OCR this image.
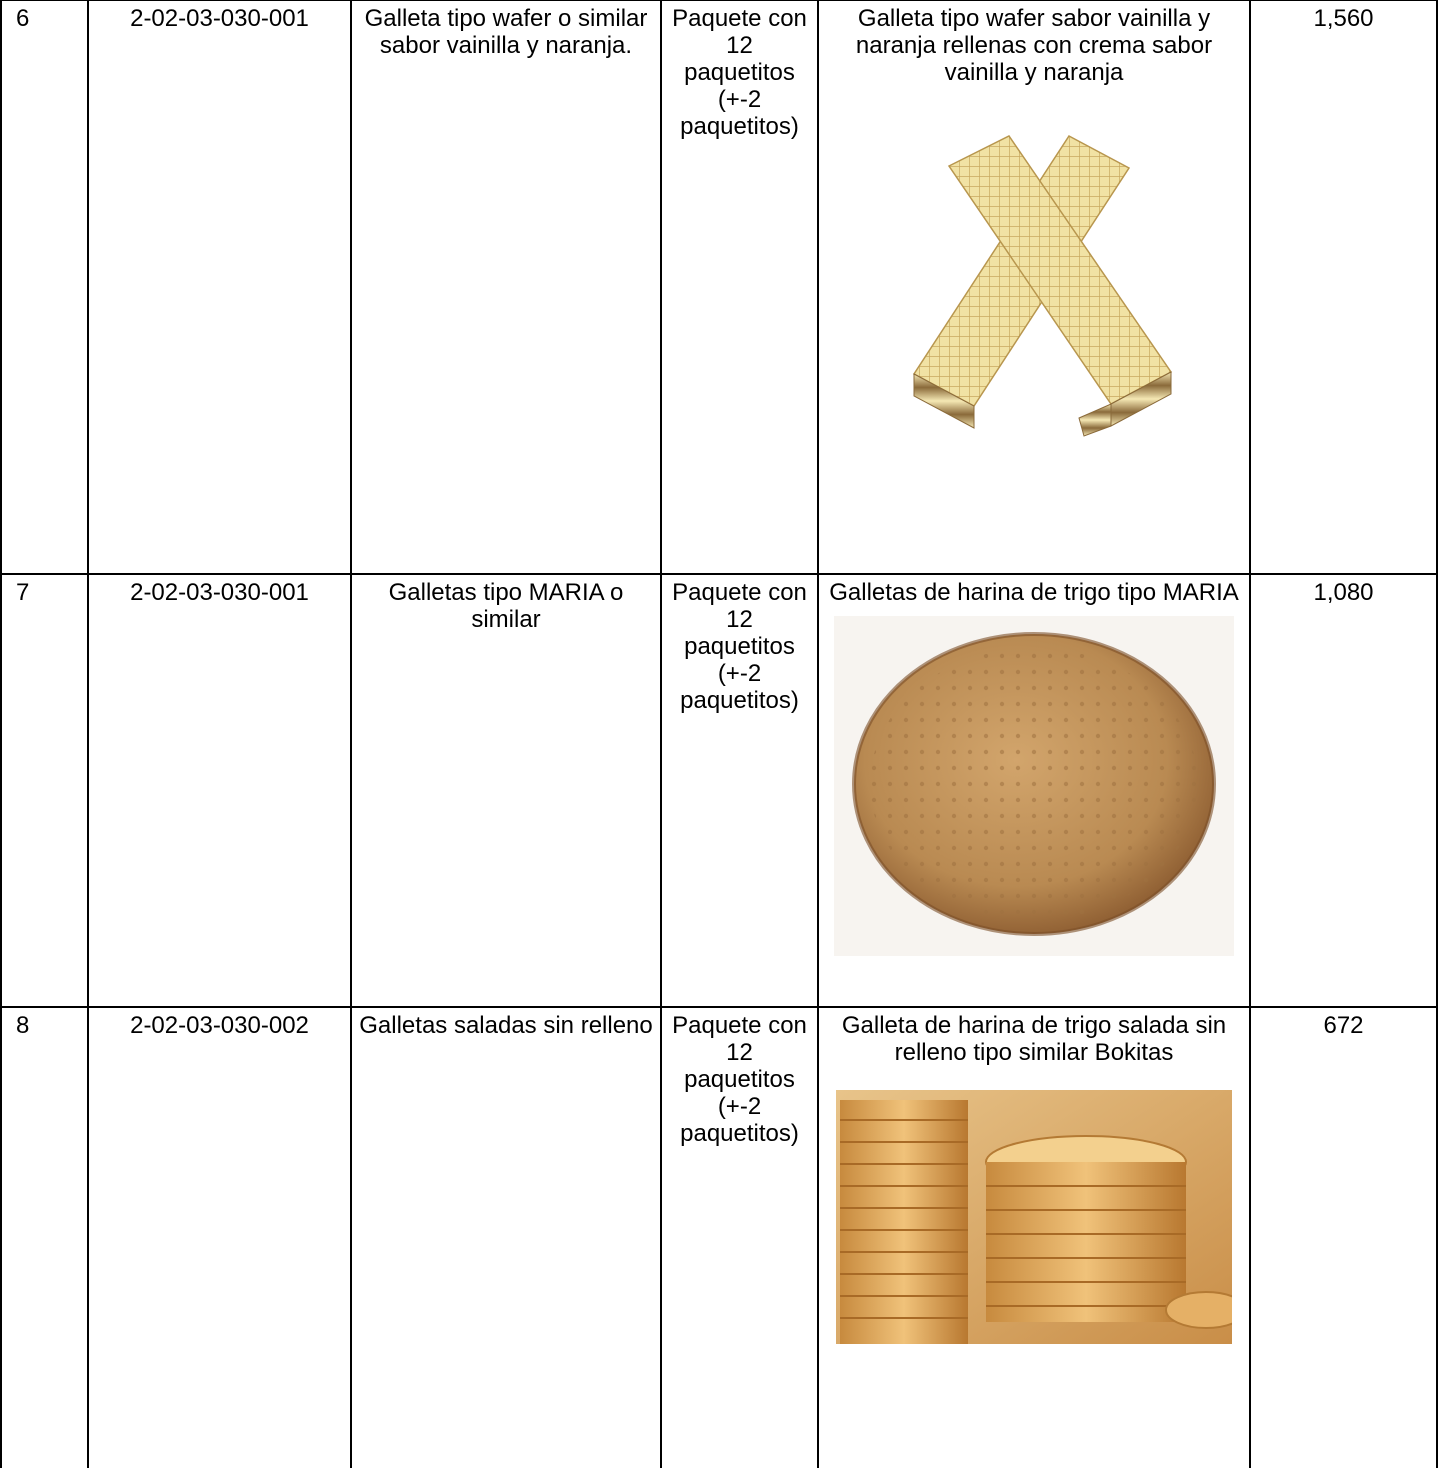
6	2-02-03-030-001	Galleta tipo wafer o similar sabor vainilla y naranja.	Paquete con 12 paquetitos (+-2 paquetitos)	Galleta tipo wafer sabor vainilla y naranja rellenas con crema sabor vainilla y naranja	1,560
7	2-02-03-030-001	Galletas tipo MARIA o similar	Paquete con 12 paquetitos (+-2 paquetitos)	Galletas de harina de trigo tipo MARIA	1,080
8	2-02-03-030-002	Galletas saladas sin relleno	Paquete con 12 paquetitos (+-2 paquetitos)	Galleta de harina de trigo salada sin relleno tipo similar Bokitas	672
